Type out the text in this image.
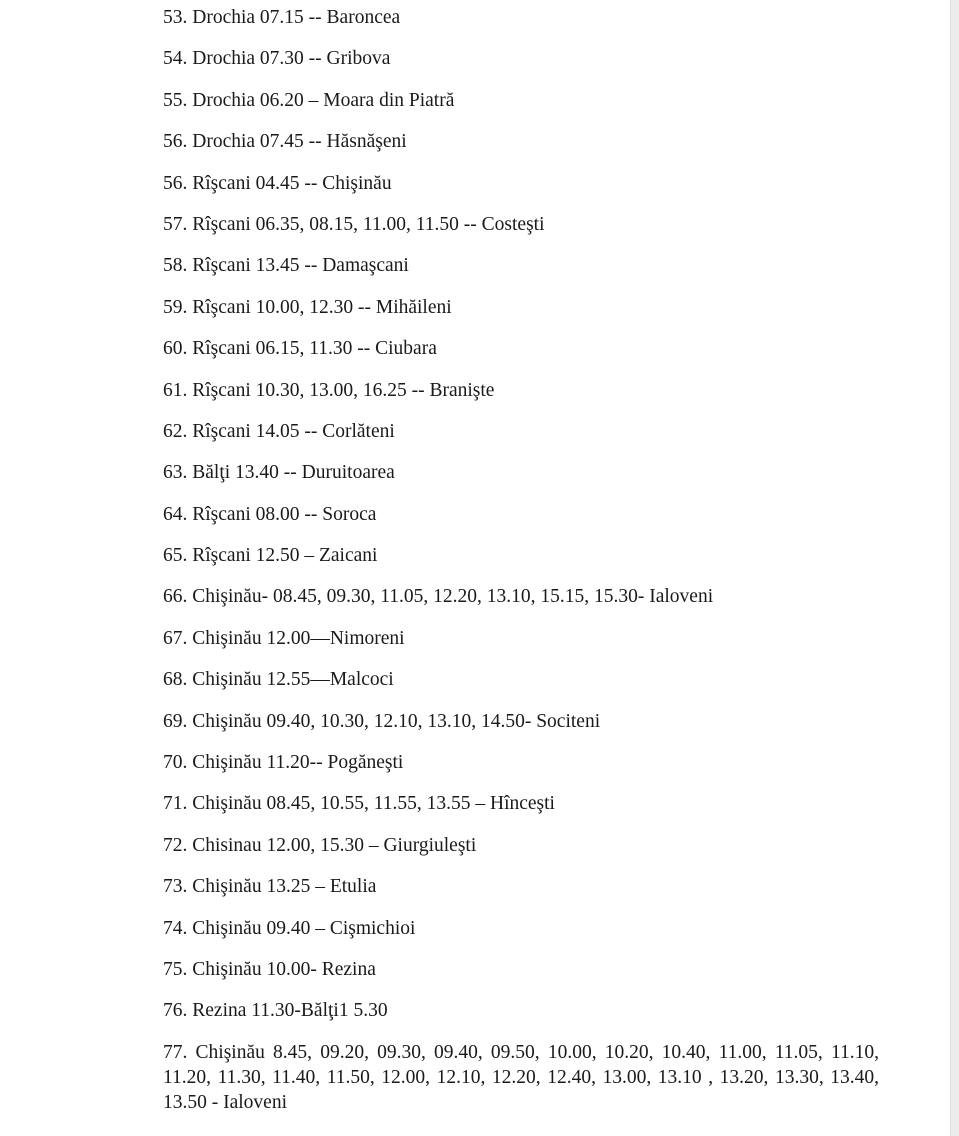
53. Drochia 07.15 -- Baroncea
54. Drochia 07.30 -- Gribova
55. Drochia 06.20 – Moara din Piatră
56. Drochia 07.45 -- Hăsnăşeni
56. Rîşcani 04.45 -- Chişinău
57. Rîşcani 06.35, 08.15, 11.00, 11.50 -- Costeşti
58. Rîşcani 13.45 -- Damaşcani
59. Rîşcani 10.00, 12.30 -- Mihăileni
60. Rîşcani 06.15, 11.30 -- Ciubara
61. Rîşcani 10.30, 13.00, 16.25 -- Branişte
62. Rîşcani 14.05 -- Corlăteni
63. Bălţi 13.40 -- Duruitoarea
64. Rîşcani 08.00 -- Soroca
65. Rîşcani 12.50 – Zaicani
66. Chişinău- 08.45, 09.30, 11.05, 12.20, 13.10, 15.15, 15.30- Ialoveni
67. Chişinău 12.00—Nimoreni
68. Chişinău 12.55—Malcoci
69. Chişinău 09.40, 10.30, 12.10, 13.10, 14.50- Sociteni
70. Chişinău 11.20-- Pogăneşti
71. Chişinău 08.45, 10.55, 11.55, 13.55 – Hînceşti
72. Chisinau 12.00, 15.30 – Giurgiuleşti
73. Chişinău 13.25 – Etulia
74. Chişinău 09.40 – Cişmichioi
75. Chişinău 10.00- Rezina
76. Rezina 11.30-Bălţi1 5.30
77. Chişinău 8.45, 09.20, 09.30, 09.40, 09.50, 10.00, 10.20, 10.40, 11.00, 11.05, 11.10, 11.20, 11.30, 11.40, 11.50, 12.00, 12.10, 12.20, 12.40, 13.00, 13.10 , 13.20, 13.30, 13.40, 13.50 - Ialoveni
